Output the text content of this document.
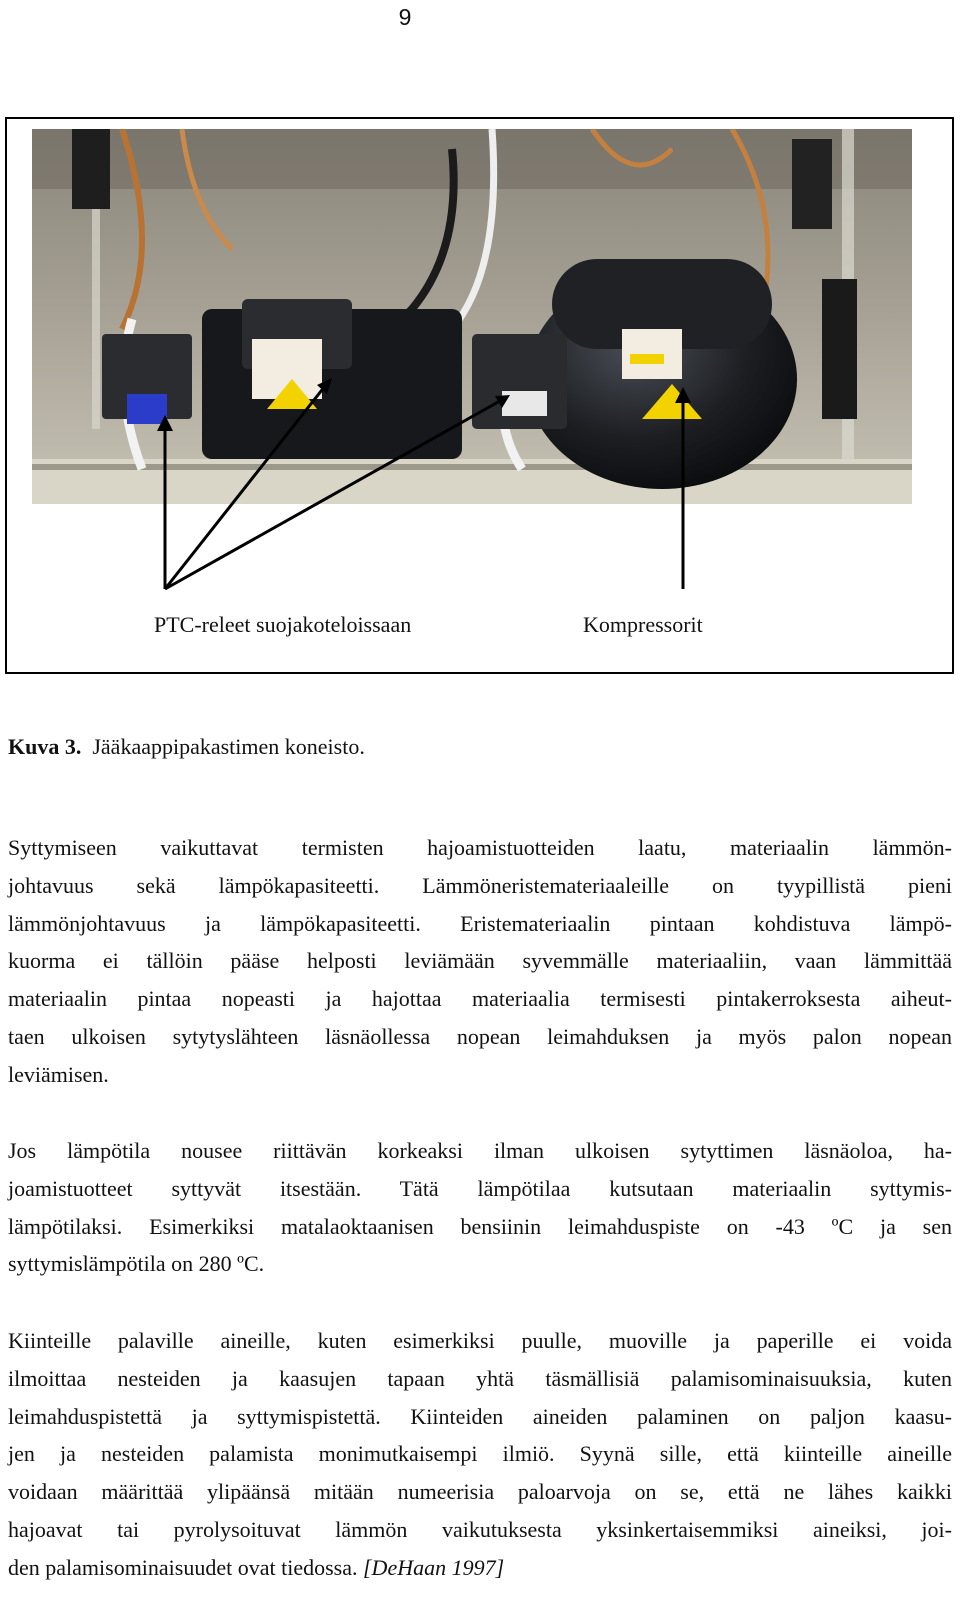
9
PTC-releet suojakoteloissaan	Kompressorit
Kuva 3. Jääkaappipakastimen koneisto.
Syttymiseen vaikuttavat termisten hajoamistuotteiden laatu, materiaalin lämmön-
johtavuus sekä lämpökapasiteetti. Lämmöneristemateriaaleille on tyypillistä pieni
lämmönjohtavuus ja lämpökapasiteetti. Eristemateriaalin pintaan kohdistuva lämpö-
kuorma ei tällöin pääse helposti leviämään syvemmälle materiaaliin, vaan lämmittää
materiaalin pintaa nopeasti ja hajottaa materiaalia termisesti pintakerroksesta aiheut-
taen ulkoisen sytytyslähteen läsnäollessa nopean leimahduksen ja myös palon nopean
leviämisen.
Jos lämpötila nousee riittävän korkeaksi ilman ulkoisen sytyttimen läsnäoloa, ha-
joamistuotteet syttyvät itsestään. Tätä lämpötilaa kutsutaan materiaalin syttymis-
lämpötilaksi. Esimerkiksi matalaoktaanisen bensiinin leimahduspiste on -43 ºC ja sen
syttymislämpötila on 280 ºC.
Kiinteille palaville aineille, kuten esimerkiksi puulle, muoville ja paperille ei voida
ilmoittaa nesteiden ja kaasujen tapaan yhtä täsmällisiä palamisominaisuuksia, kuten
leimahduspistettä ja syttymispistettä. Kiinteiden aineiden palaminen on paljon kaasu-
jen ja nesteiden palamista monimutkaisempi ilmiö. Syynä sille, että kiinteille aineille
voidaan määrittää ylipäänsä mitään numeerisia paloarvoja on se, että ne lähes kaikki
hajoavat tai pyrolysoituvat lämmön vaikutuksesta yksinkertaisemmiksi aineiksi, joi-
den palamisominaisuudet ovat tiedossa. [DeHaan 1997]
